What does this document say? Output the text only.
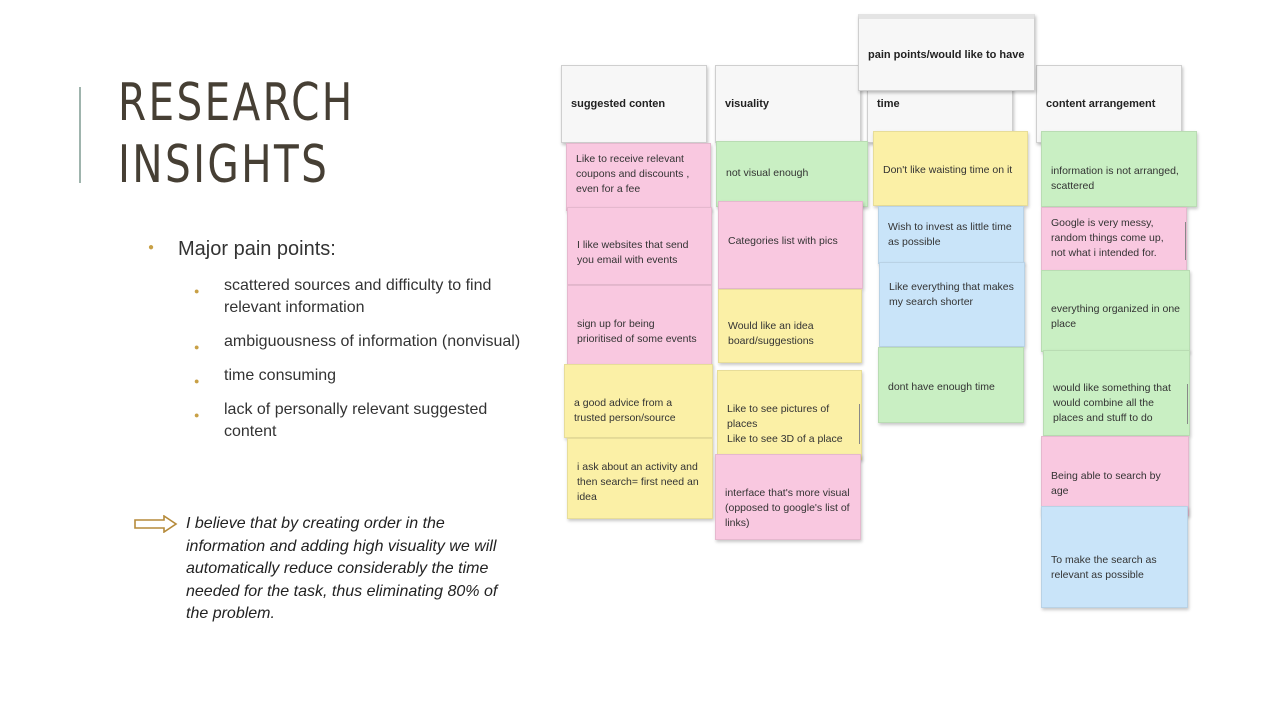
RESEARCH
INSIGHTS
● Major pain points:
● scattered sources and difficulty to find relevant information
● ambiguousness of information (nonvisual)
● time consuming
● lack of personally relevant suggested content
I believe that by creating order in the information and adding high visuality we will automatically reduce considerably the time needed for the task, thus eliminating 80% of the problem.
suggested conten	visuality	time	content arrangement
pain points/would like to have
Like to receive relevant coupons and discounts , even for a fee
I like websites that send you email with events
sign up for being prioritised of some events
a good advice from a trusted person/source
i ask about an activity and then search= first need an idea
not visual enough
Categories list with pics
Would like an idea board/suggestions
Like to see pictures of places
Like to see 3D of a place
interface that's more visual (opposed to google's list of links)
Don't like waisting time on it
Wish to invest as little time as possible
Like everything that makes my search shorter
dont have enough time
information is not arranged, scattered
Google is very messy, random things come up, not what i intended for.
everything organized in one place
would like something that would combine all the places and stuff to do
Being able to search by age
To make the search as relevant as possible
